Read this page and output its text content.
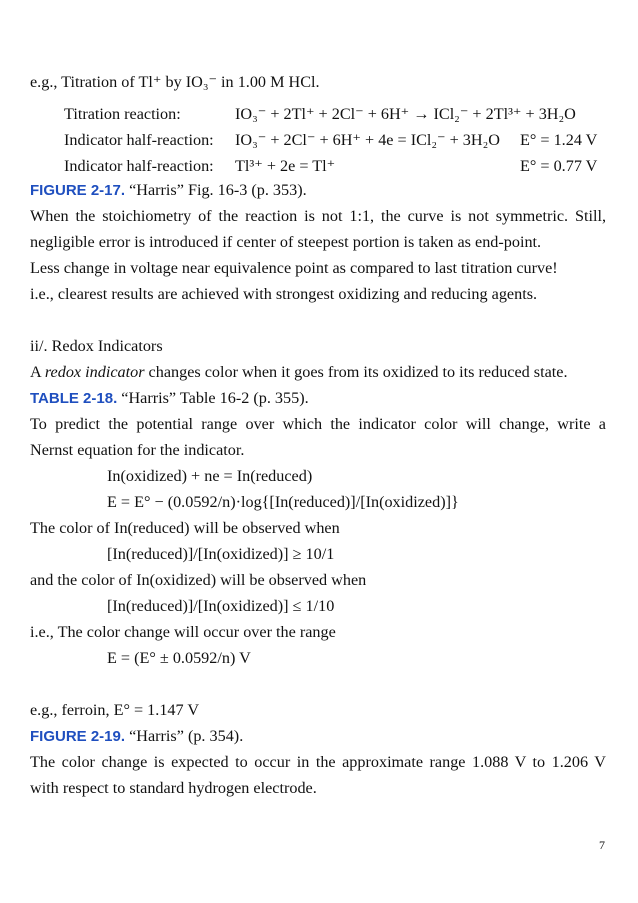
e.g., Titration of Tl⁺ by IO₃⁻ in 1.00 M HCl.
Titration reaction:	IO₃⁻ + 2Tl⁺ + 2Cl⁻ + 6H⁺ → ICl₂⁻ + 2Tl³⁺ + 3H₂O
Indicator half-reaction: IO₃⁻ + 2Cl⁻ + 6H⁺ + 4e = ICl₂⁻ + 3H₂O E° = 1.24 V
Indicator half-reaction: Tl³⁺ + 2e = Tl⁺	E° = 0.77 V
FIGURE 2-17. “Harris” Fig. 16-3 (p. 353).
When the stoichiometry of the reaction is not 1:1, the curve is not symmetric. Still,
negligible error is introduced if center of steepest portion is taken as end-point.
Less change in voltage near equivalence point as compared to last titration curve!
i.e., clearest results are achieved with strongest oxidizing and reducing agents.
ii/. Redox Indicators
A redox indicator changes color when it goes from its oxidized to its reduced state.
TABLE 2-18. “Harris” Table 16-2 (p. 355).
To predict the potential range over which the indicator color will change, write a
Nernst equation for the indicator.
In(oxidized) + ne = In(reduced)
E = E° − (0.0592/n)·log{[In(reduced)]/[In(oxidized)]}
The color of In(reduced) will be observed when
[In(reduced)]/[In(oxidized)] ≥ 10/1
and the color of In(oxidized) will be observed when
[In(reduced)]/[In(oxidized)] ≤ 1/10
i.e., The color change will occur over the range
E = (E° ± 0.0592/n) V
e.g., ferroin, E° = 1.147 V
FIGURE 2-19. “Harris” (p. 354).
The color change is expected to occur in the approximate range 1.088 V to 1.206 V
with respect to standard hydrogen electrode.
7
